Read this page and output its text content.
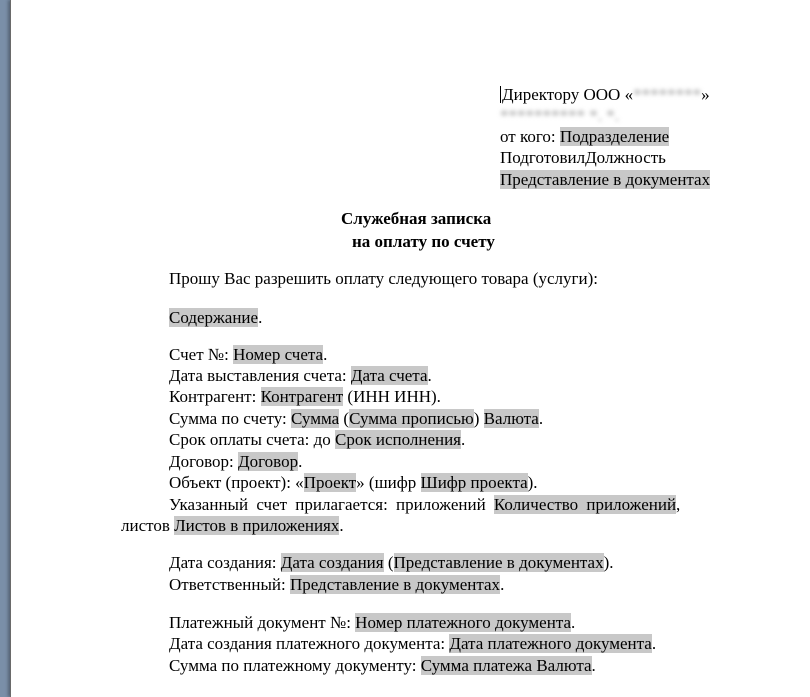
Директору ООО «********»
********** *. *.
от кого: Подразделение
ПодготовилДолжность
Представление в документах
Служебная записка
на оплату по счету
Прошу Вас разрешить оплату следующего товара (услуги):
Содержание.
Счет №: Номер счета.
Дата выставления счета: Дата счета.
Контрагент: Контрагент (ИНН ИНН).
Сумма по счету: Сумма (Сумма прописью) Валюта.
Срок оплаты счета: до Срок исполнения.
Договор: Договор.
Объект (проект): «Проект» (шифр Шифр проекта).
Указанный счет прилагается: приложений Количество приложений,
листов Листов в приложениях.
Дата создания: Дата создания (Представление в документах).
Ответственный: Представление в документах.
Платежный документ №: Номер платежного документа.
Дата создания платежного документа: Дата платежного документа.
Сумма по платежному документу: Сумма платежа Валюта.
